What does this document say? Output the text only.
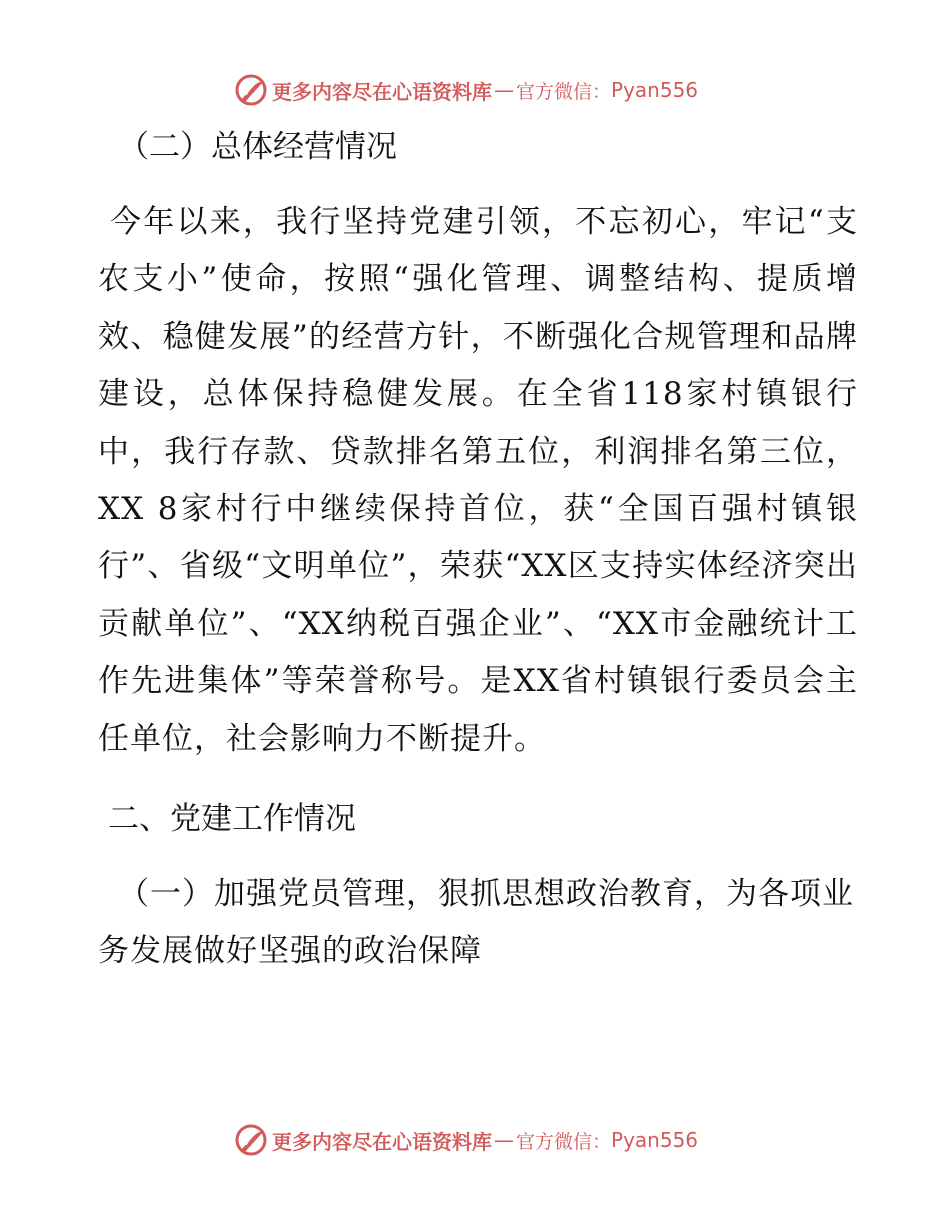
更多内容尽在心语资料库 — 官方微信： Pyan556

（二）总体经营情况

今年以来，我行坚持党建引领，不忘初心，牢记“支农支小”使命，按照“强化管理、调整结构、提质增效、稳健发展”的经营方针，不断强化合规管理和品牌建设，总体保持稳健发展。在全省118家村镇银行中，我行存款、贷款排名第五位，利润排名第三位，XX 8家村行中继续保持首位，获“全国百强村镇银行”、省级“文明单位”，荣获“XX区支持实体经济突出贡献单位”、“XX纳税百强企业”、“XX市金融统计工作先进集体”等荣誉称号。是XX省村镇银行委员会主任单位，社会影响力不断提升。

二、党建工作情况

（一）加强党员管理，狠抓思想政治教育，为各项业务发展做好坚强的政治保障

更多内容尽在心语资料库 — 官方微信： Pyan556
